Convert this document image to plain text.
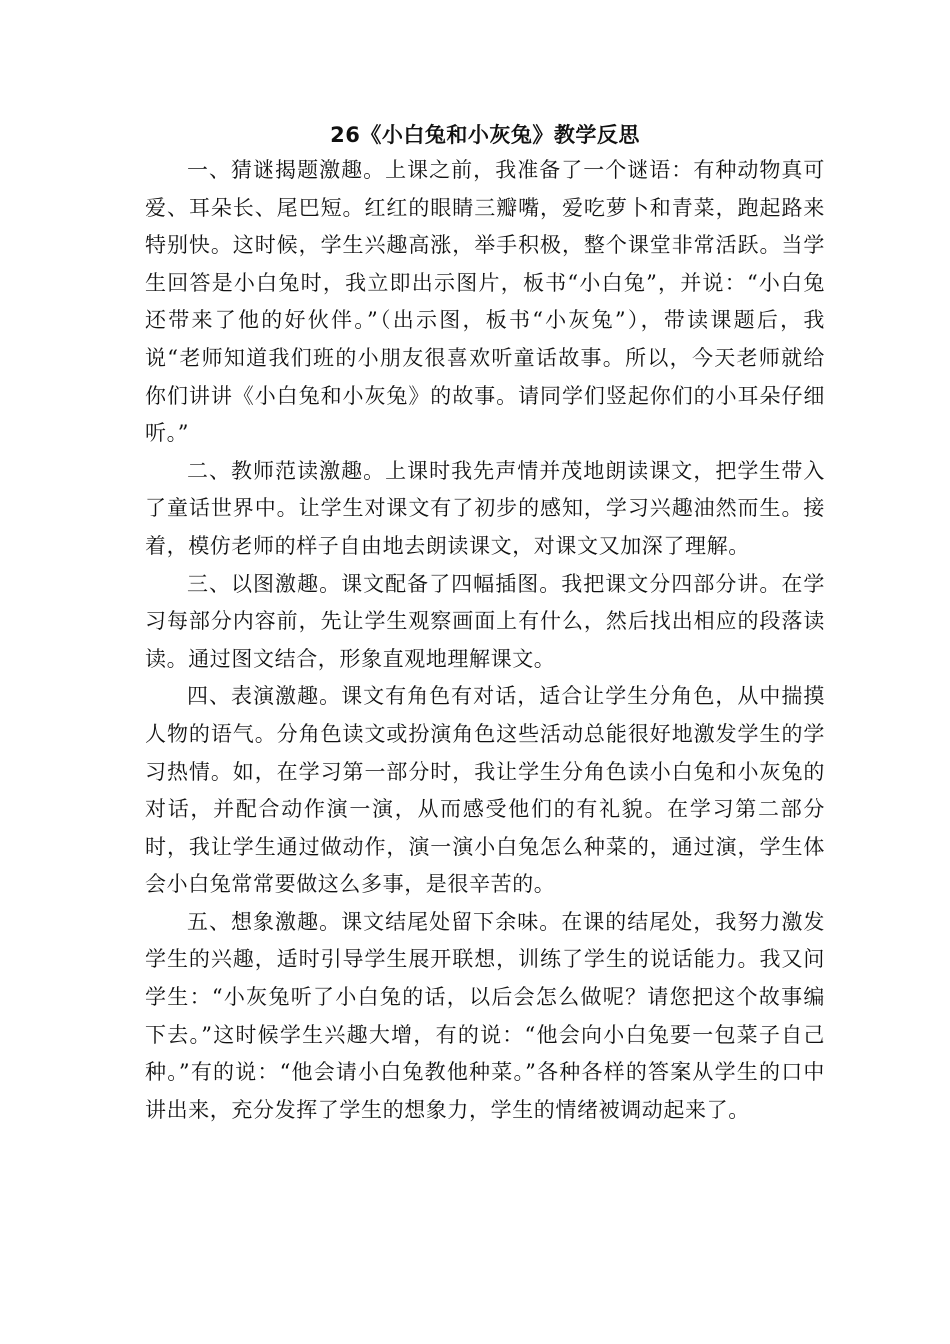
26《小白兔和小灰兔》教学反思

一、猜谜揭题激趣。上课之前，我准备了一个谜语：有种动物真可爱、耳朵长、尾巴短。红红的眼睛三瓣嘴，爱吃萝卜和青菜，跑起路来特别快。这时候，学生兴趣高涨，举手积极，整个课堂非常活跃。当学生回答是小白兔时，我立即出示图片，板书“小白兔”，并说：“小白兔还带来了他的好伙伴。”（出示图，板书“小灰兔”），带读课题后，我说“老师知道我们班的小朋友很喜欢听童话故事。所以，今天老师就给你们讲讲《小白兔和小灰兔》的故事。请同学们竖起你们的小耳朵仔细听。”

二、教师范读激趣。上课时我先声情并茂地朗读课文，把学生带入了童话世界中。让学生对课文有了初步的感知，学习兴趣油然而生。接着，模仿老师的样子自由地去朗读课文，对课文又加深了理解。

三、以图激趣。课文配备了四幅插图。我把课文分四部分讲。在学习每部分内容前，先让学生观察画面上有什么，然后找出相应的段落读读。通过图文结合，形象直观地理解课文。

四、表演激趣。课文有角色有对话，适合让学生分角色，从中揣摸人物的语气。分角色读文或扮演角色这些活动总能很好地激发学生的学习热情。如，在学习第一部分时，我让学生分角色读小白兔和小灰兔的对话，并配合动作演一演，从而感受他们的有礼貌。在学习第二部分时，我让学生通过做动作，演一演小白兔怎么种菜的，通过演，学生体会小白兔常常要做这么多事，是很辛苦的。

五、想象激趣。课文结尾处留下余味。在课的结尾处，我努力激发学生的兴趣，适时引导学生展开联想，训练了学生的说话能力。我又问学生：“小灰兔听了小白兔的话，以后会怎么做呢？请您把这个故事编下去。”这时候学生兴趣大增，有的说：“他会向小白兔要一包菜子自己种。”有的说：“他会请小白兔教他种菜。”各种各样的答案从学生的口中讲出来，充分发挥了学生的想象力，学生的情绪被调动起来了。
